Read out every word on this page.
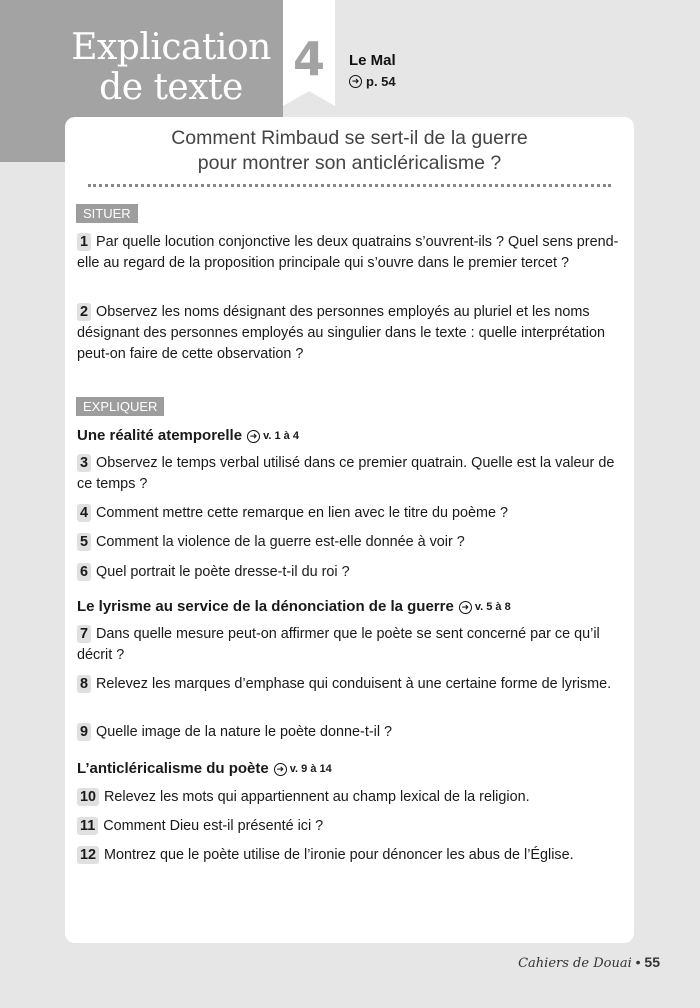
Explication
de texte
4	Le Mal
➜ p. 54
Comment Rimbaud se sert-il de la guerre
pour montrer son anticléricalisme ?
SITUER
1 Par quelle locution conjonctive les deux quatrains s’ouvrent-ils ? Quel sens prend-elle au regard de la proposition principale qui s’ouvre dans le premier tercet ?
2 Observez les noms désignant des personnes employés au pluriel et les noms désignant des personnes employés au singulier dans le texte : quelle interprétation peut-on faire de cette observation ?
EXPLIQUER
Une réalité atemporelle ➜ v. 1 à 4
3 Observez le temps verbal utilisé dans ce premier quatrain. Quelle est la valeur de ce temps ?
4 Comment mettre cette remarque en lien avec le titre du poème ?
5 Comment la violence de la guerre est-elle donnée à voir ?
6 Quel portrait le poète dresse-t-il du roi ?
Le lyrisme au service de la dénonciation de la guerre ➜ v. 5 à 8
7 Dans quelle mesure peut-on affirmer que le poète se sent concerné par ce qu’il décrit ?
8 Relevez les marques d’emphase qui conduisent à une certaine forme de lyrisme.
9 Quelle image de la nature le poète donne-t-il ?
L’anticléricalisme du poète ➜ v. 9 à 14
10 Relevez les mots qui appartiennent au champ lexical de la religion.
11 Comment Dieu est-il présenté ici ?
12 Montrez que le poète utilise de l’ironie pour dénoncer les abus de l’Église.
Cahiers de Douai • 55
